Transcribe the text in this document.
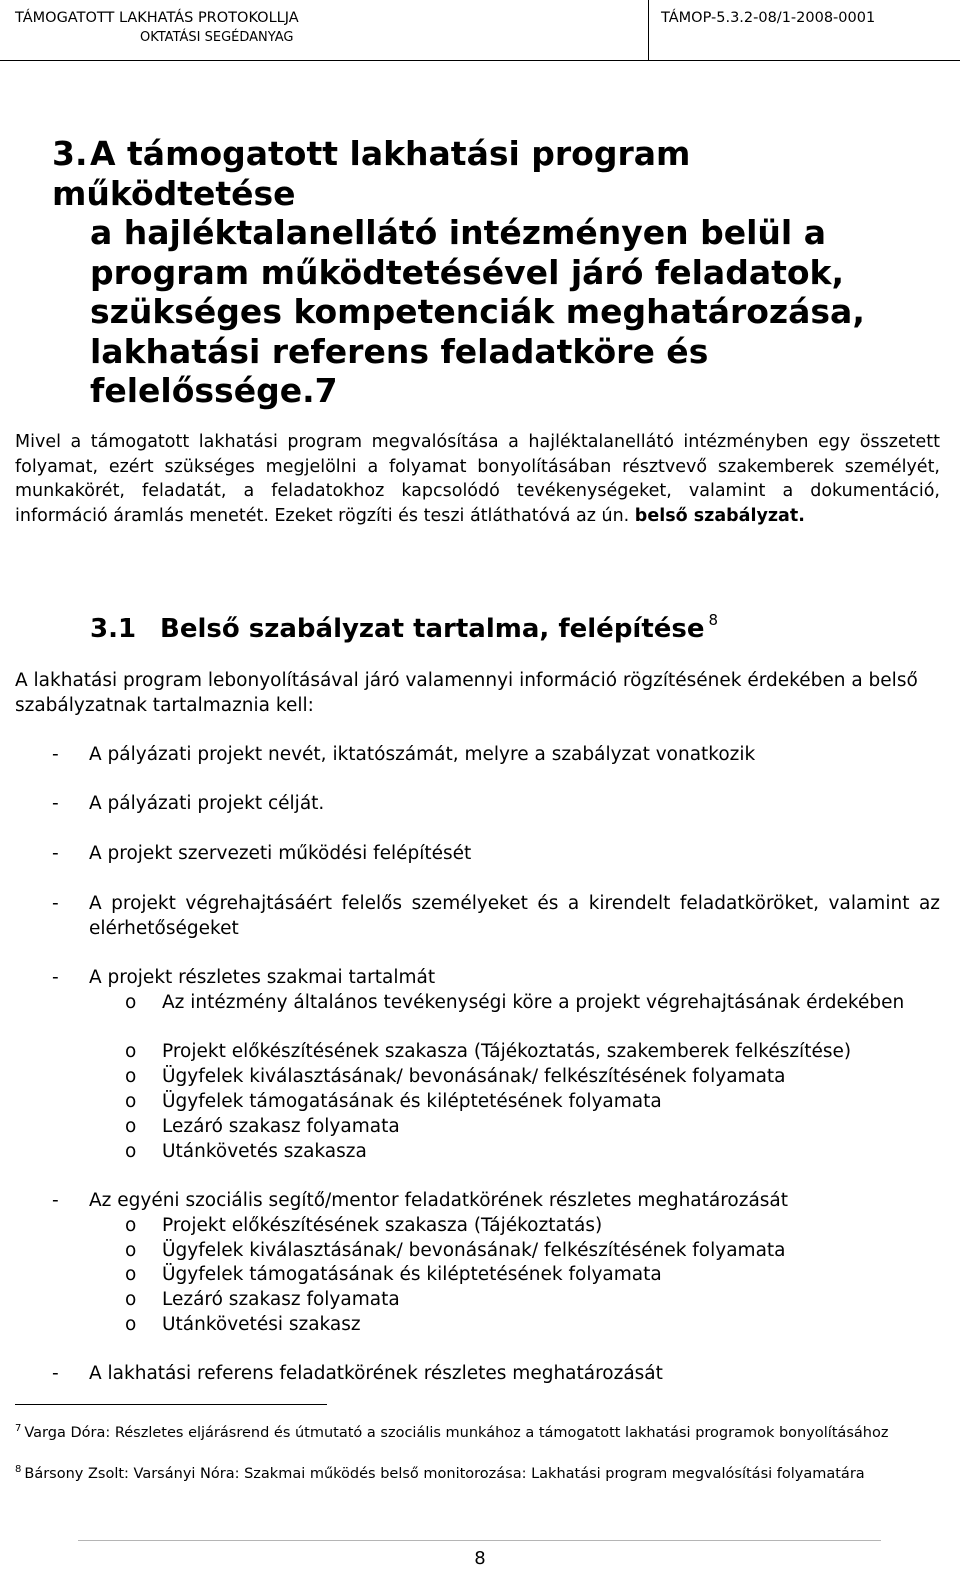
TÁMOGATOTT LAKHATÁS PROTOKOLLJA
OKTATÁSI SEGÉDANYAG
TÁMOP-5.3.2-08/1-2008-0001
3.A támogatott lakhatási program működtetése
a hajléktalanellátó intézményen belül a
program működtetésével járó feladatok,
szükséges kompetenciák meghatározása,
lakhatási referens feladatköre és
felelőssége.7

Mivel a támogatott lakhatási program megvalósítása a hajléktalanellátó intézményben egy összetett folyamat, ezért szükséges megjelölni a folyamat bonyolításában résztvevő szakemberek személyét, munkakörét, feladatát, a feladatokhoz kapcsolódó tevékenységeket, valamint a dokumentáció, információ áramlás menetét. Ezeket rögzíti és teszi átláthatóvá az ún. belső szabályzat.

3.1 Belső szabályzat tartalma, felépítése $^8$

A lakhatási program lebonyolításával járó valamennyi információ rögzítésének érdekében a belső szabályzatnak tartalmaznia kell:

- A pályázati projekt nevét, iktatószámát, melyre a szabályzat vonatkozik
- A pályázati projekt célját.
- A projekt szervezeti működési felépítését
- A projekt végrehajtásáért felelős személyeket és a kirendelt feladatköröket, valamint az elérhetőségeket
- A projekt részletes szakmai tartalmát
o Az intézmény általános tevékenységi köre a projekt végrehajtásának érdekében
o Projekt előkészítésének szakasza (Tájékoztatás, szakemberek felkészítése)
o Ügyfelek kiválasztásának/ bevonásának/ felkészítésének folyamata
o Ügyfelek támogatásának és kiléptetésének folyamata
o Lezáró szakasz folyamata
o Utánkövetés szakasza
- Az egyéni szociális segítő/mentor feladatkörének részletes meghatározását
o Projekt előkészítésének szakasza (Tájékoztatás)
o Ügyfelek kiválasztásának/ bevonásának/ felkészítésének folyamata
o Ügyfelek támogatásának és kiléptetésének folyamata
o Lezáró szakasz folyamata
o Utánkövetési szakasz
- A lakhatási referens feladatkörének részletes meghatározását

$^7$ Varga Dóra: Részletes eljárásrend és útmutató a szociális munkához a támogatott lakhatási programok bonyolításához

$^8$ Bársony Zsolt: Varsányi Nóra: Szakmai működés belső monitorozása: Lakhatási program megvalósítási folyamatára

8
